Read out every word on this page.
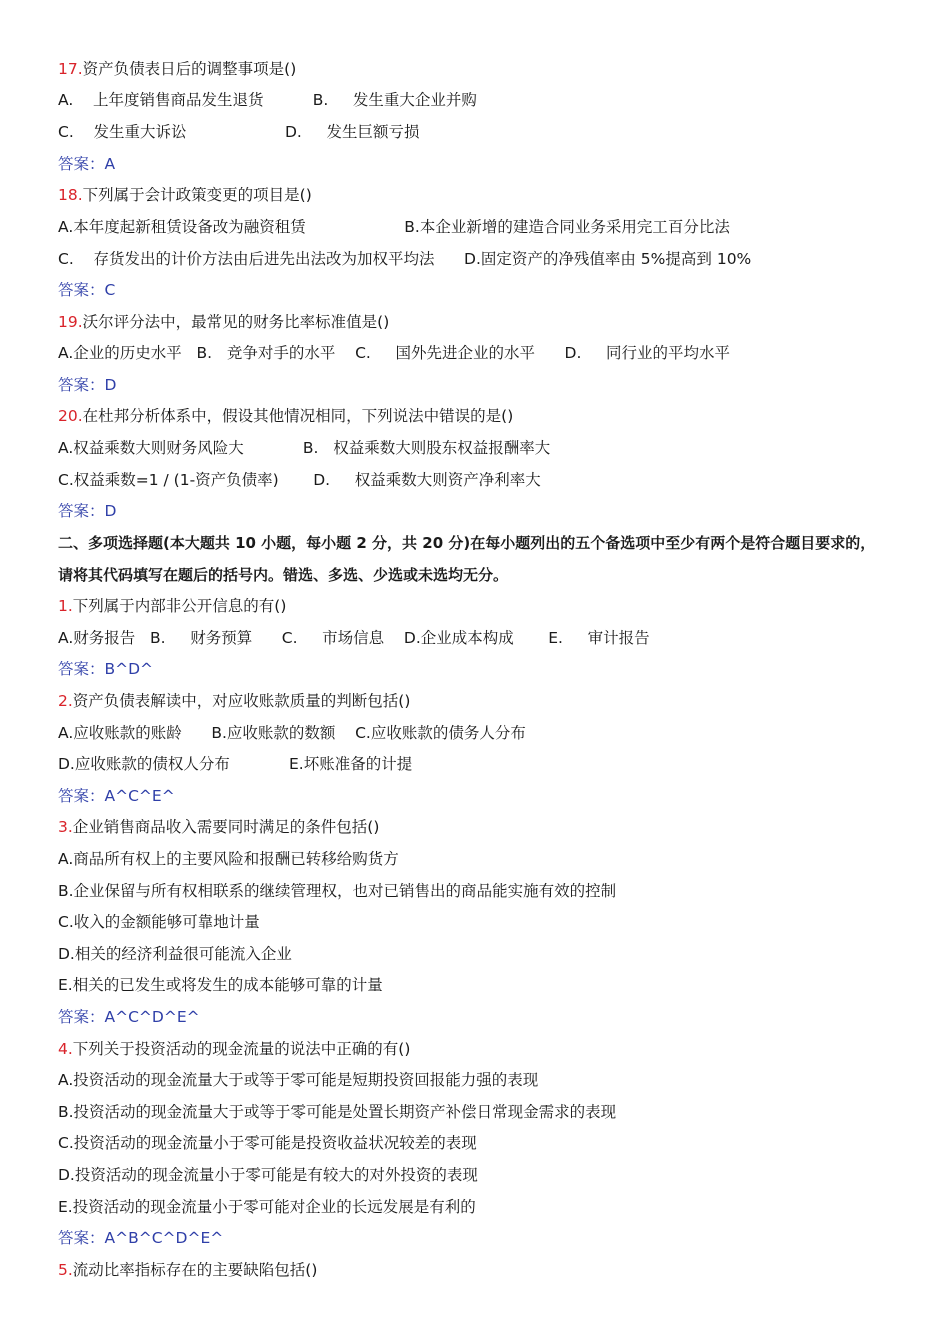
17.资产负债表日后的调整事项是()
A.    上年度销售商品发生退货          B.     发生重大企业并购
C.    发生重大诉讼                    D.     发生巨额亏损
答案：A
18.下列属于会计政策变更的项目是()
A.本年度起新租赁设备改为融资租赁                    B.本企业新增的建造合同业务采用完工百分比法
C.    存货发出的计价方法由后进先出法改为加权平均法      D.固定资产的净残值率由 5%提高到 10%
答案：C
19.沃尔评分法中，最常见的财务比率标准值是()
A.企业的历史水平   B.   竞争对手的水平    C.     国外先进企业的水平      D.     同行业的平均水平
答案：D
20.在杜邦分析体系中，假设其他情况相同，下列说法中错误的是()
A.权益乘数大则财务风险大            B.   权益乘数大则股东权益报酬率大
C.权益乘数=1 / (1-资产负债率)       D.     权益乘数大则资产净利率大
答案：D
二、多项选择题(本大题共 10 小题，每小题 2 分，共 20 分)在每小题列出的五个备选项中至少有两个是符合题目要求的，
请将其代码填写在题后的括号内。错选、多选、少选或未选均无分。
1.下列属于内部非公开信息的有()
A.财务报告   B.     财务预算      C.     市场信息    D.企业成本构成       E.     审计报告
答案：B^D^
2.资产负债表解读中，对应收账款质量的判断包括()
A.应收账款的账龄      B.应收账款的数额    C.应收账款的债务人分布
D.应收账款的债权人分布            E.坏账准备的计提
答案：A^C^E^
3.企业销售商品收入需要同时满足的条件包括()
A.商品所有权上的主要风险和报酬已转移给购货方
B.企业保留与所有权相联系的继续管理权，也对已销售出的商品能实施有效的控制
C.收入的金额能够可靠地计量
D.相关的经济利益很可能流入企业
E.相关的已发生或将发生的成本能够可靠的计量
答案：A^C^D^E^
4.下列关于投资活动的现金流量的说法中正确的有()
A.投资活动的现金流量大于或等于零可能是短期投资回报能力强的表现
B.投资活动的现金流量大于或等于零可能是处置长期资产补偿日常现金需求的表现
C.投资活动的现金流量小于零可能是投资收益状况较差的表现
D.投资活动的现金流量小于零可能是有较大的对外投资的表现
E.投资活动的现金流量小于零可能对企业的长远发展是有利的
答案：A^B^C^D^E^
5.流动比率指标存在的主要缺陷包括()
